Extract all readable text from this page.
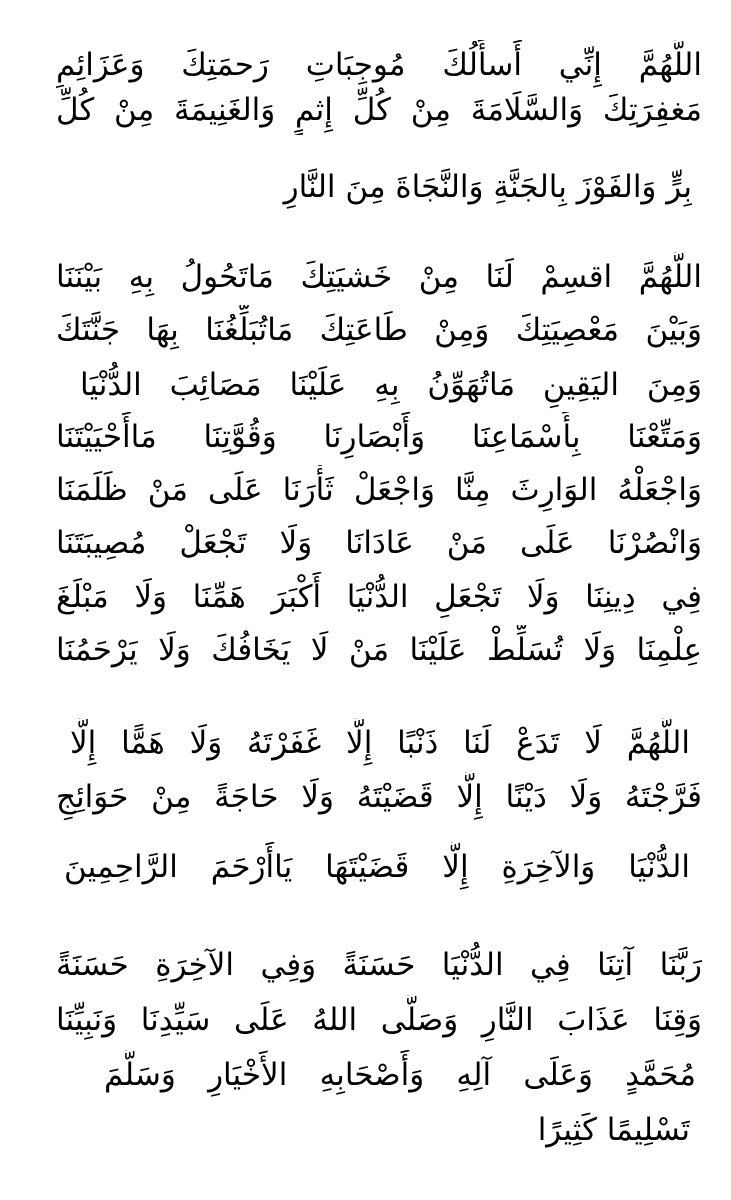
اللَّهُمَّ إِنِّي أَسأَلُكَ مُوجِبَاتِ رَحمَتِكَ وَعَزَائِمِ
مَغفِرَتِكَ وَالسَّلَامَةَ مِنْ كُلِّ إِثمٍ وَالغَنِيمَةَ مِنْ كُلِّ
بِرٍّ وَالفَوْزَ بِالجَنَّةِ وَالنَّجَاةَ مِنَ النَّارِ
اللَّهُمَّ اقسِمْ لَنَا مِنْ خَشيَتِكَ مَاتَحُولُ بِهِ بَيْنَنَا
وَبَيْنَ مَعْصِيَتِكَ وَمِنْ طَاعَتِكَ مَاتُبَلِّغُنَا بِهَا جَنَّتَكَ
وَمِنَ اليَقِينِ مَاتُهَوِّنُ بِهِ عَلَيْنَا مَصَائِبَ الدُّنْيَا
وَمَتِّعْنَا بِأَسْمَاعِنَا وَأَبْصَارِنَا وَقُوَّتِنَا مَاأَحْيَيْتَنَا
وَاجْعَلْهُ الوَارِثَ مِنَّا وَاجْعَلْ ثَأْرَنَا عَلَى مَنْ ظَلَمَنَا
وَانْصُرْنَا عَلَى مَنْ عَادَانَا وَلَا تَجْعَلْ مُصِيبَتَنَا
فِي دِينِنَا وَلَا تَجْعَلِ الدُّنْيَا أَكْبَرَ هَمِّنَا وَلَا مَبْلَغَ
عِلْمِنَا وَلَا تُسَلِّطْ عَلَيْنَا مَنْ لَا يَخَافُكَ وَلَا يَرْحَمُنَا
اللَّهُمَّ لَا تَدَعْ لَنَا ذَنْبًا إِلَّا غَفَرْتَهُ وَلَا هَمًّا إِلَّا
فَرَّجْتَهُ وَلَا دَيْنًا إِلَّا قَضَيْتَهُ وَلَا حَاجَةً مِنْ حَوَائِجِ
الدُّنْيَا وَالآخِرَةِ إِلَّا قَضَيْتَهَا يَاأَرْحَمَ الرَّاحِمِينَ
رَبَّنَا آتِنَا فِي الدُّنْيَا حَسَنَةً وَفِي الآخِرَةِ حَسَنَةً
وَقِنَا عَذَابَ النَّارِ وَصَلَّى اللهُ عَلَى سَيِّدِنَا وَنَبِيِّنَا
مُحَمَّدٍ وَعَلَى آلِهِ وَأَصْحَابِهِ الأَخْيَارِ وَسَلَّمَ
تَسْلِيمًا كَثِيرًا
